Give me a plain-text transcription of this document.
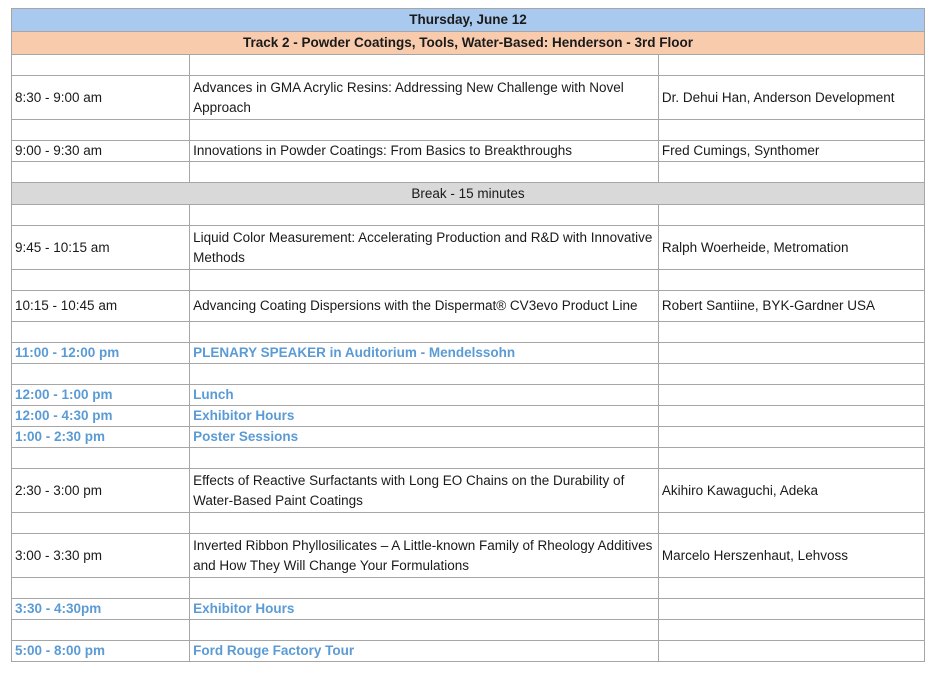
Thursday, June 12		
Track 2 - Powder Coatings, Tools, Water-Based: Henderson - 3rd Floor		

8:30 - 9:00 am	Advances in GMA Acrylic Resins: Addressing New Challenge with Novel Approach	Dr. Dehui Han, Anderson Development

9:00 - 9:30 am	Innovations in Powder Coatings: From Basics to Breakthroughs	Fred Cumings, Synthomer

Break - 15 minutes		

9:45 - 10:15 am	Liquid Color Measurement: Accelerating Production and R&D with Innovative Methods	Ralph Woerheide, Metromation

10:15 - 10:45 am	Advancing Coating Dispersions with the Dispermat® CV3evo Product Line	Robert Santiine, BYK-Gardner USA

11:00 - 12:00 pm	PLENARY SPEAKER in Auditorium - Mendelssohn	

12:00 - 1:00 pm	Lunch	
12:00 - 4:30 pm	Exhibitor Hours	
1:00 - 2:30 pm	Poster Sessions	

2:30 - 3:00 pm	Effects of Reactive Surfactants with Long EO Chains on the Durability of Water-Based Paint Coatings	Akihiro Kawaguchi, Adeka

3:00 - 3:30 pm	Inverted Ribbon Phyllosilicates – A Little-known Family of Rheology Additives and How They Will Change Your Formulations	Marcelo Herszenhaut, Lehvoss

3:30 - 4:30pm	Exhibitor Hours	

5:00 - 8:00 pm	Ford Rouge Factory Tour	
